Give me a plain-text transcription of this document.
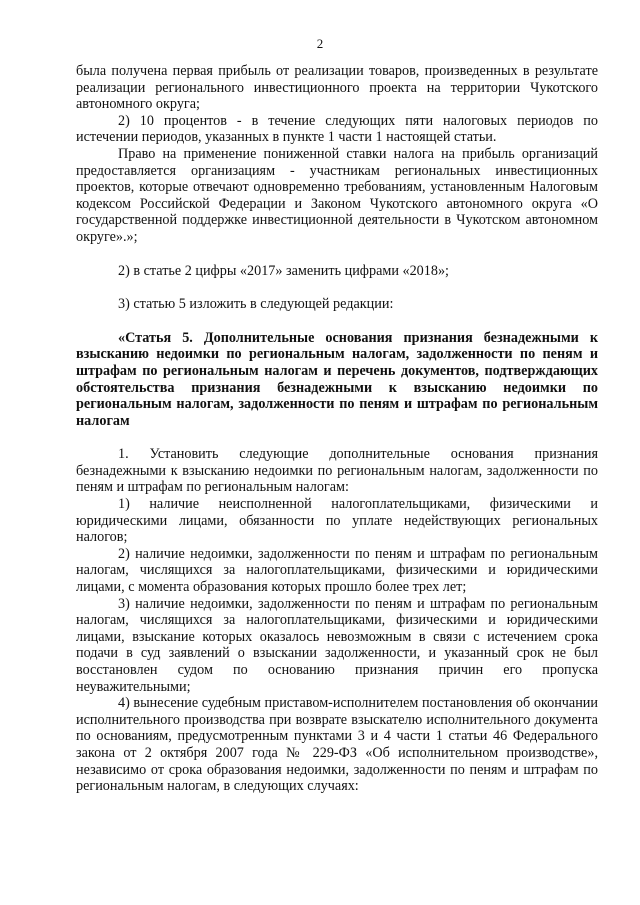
2

была получена первая прибыль от реализации товаров, произведенных в результате реализации регионального инвестиционного проекта на территории Чукотского автономного округа;

2) 10 процентов - в течение следующих пяти налоговых периодов по истечении периодов, указанных в пункте 1 части 1 настоящей статьи.

Право на применение пониженной ставки налога на прибыль организаций предоставляется организациям - участникам региональных инвестиционных проектов, которые отвечают одновременно требованиям, установленным Налоговым кодексом Российской Федерации и Законом Чукотского автономного округа «О государственной поддержке инвестиционной деятельности в Чукотском автономном округе».»;

2) в статье 2 цифры «2017» заменить цифрами «2018»;

3) статью 5 изложить в следующей редакции:

«Статья 5. Дополнительные основания признания безнадежными к взысканию недоимки по региональным налогам, задолженности по пеням и штрафам по региональным налогам и перечень документов, подтверждающих обстоятельства признания безнадежными к взысканию недоимки по региональным налогам, задолженности по пеням и штрафам по региональным налогам

1. Установить следующие дополнительные основания признания безнадежными к взысканию недоимки по региональным налогам, задолженности по пеням и штрафам по региональным налогам:

1) наличие неисполненной налогоплательщиками, физическими и юридическими лицами, обязанности по уплате недействующих региональных налогов;

2) наличие недоимки, задолженности по пеням и штрафам по региональным налогам, числящихся за налогоплательщиками, физическими и юридическими лицами, с момента образования которых прошло более трех лет;

3) наличие недоимки, задолженности по пеням и штрафам по региональным налогам, числящихся за налогоплательщиками, физическими и юридическими лицами, взыскание которых оказалось невозможным в связи с истечением срока подачи в суд заявлений о взыскании задолженности, и указанный срок не был восстановлен судом по основанию признания причин его пропуска неуважительными;

4) вынесение судебным приставом-исполнителем постановления об окончании исполнительного производства при возврате взыскателю исполнительного документа по основаниям, предусмотренным пунктами 3 и 4 части 1 статьи 46 Федерального закона от 2 октября 2007 года № 229-ФЗ «Об исполнительном производстве», независимо от срока образования недоимки, задолженности по пеням и штрафам по региональным налогам, в следующих случаях:
